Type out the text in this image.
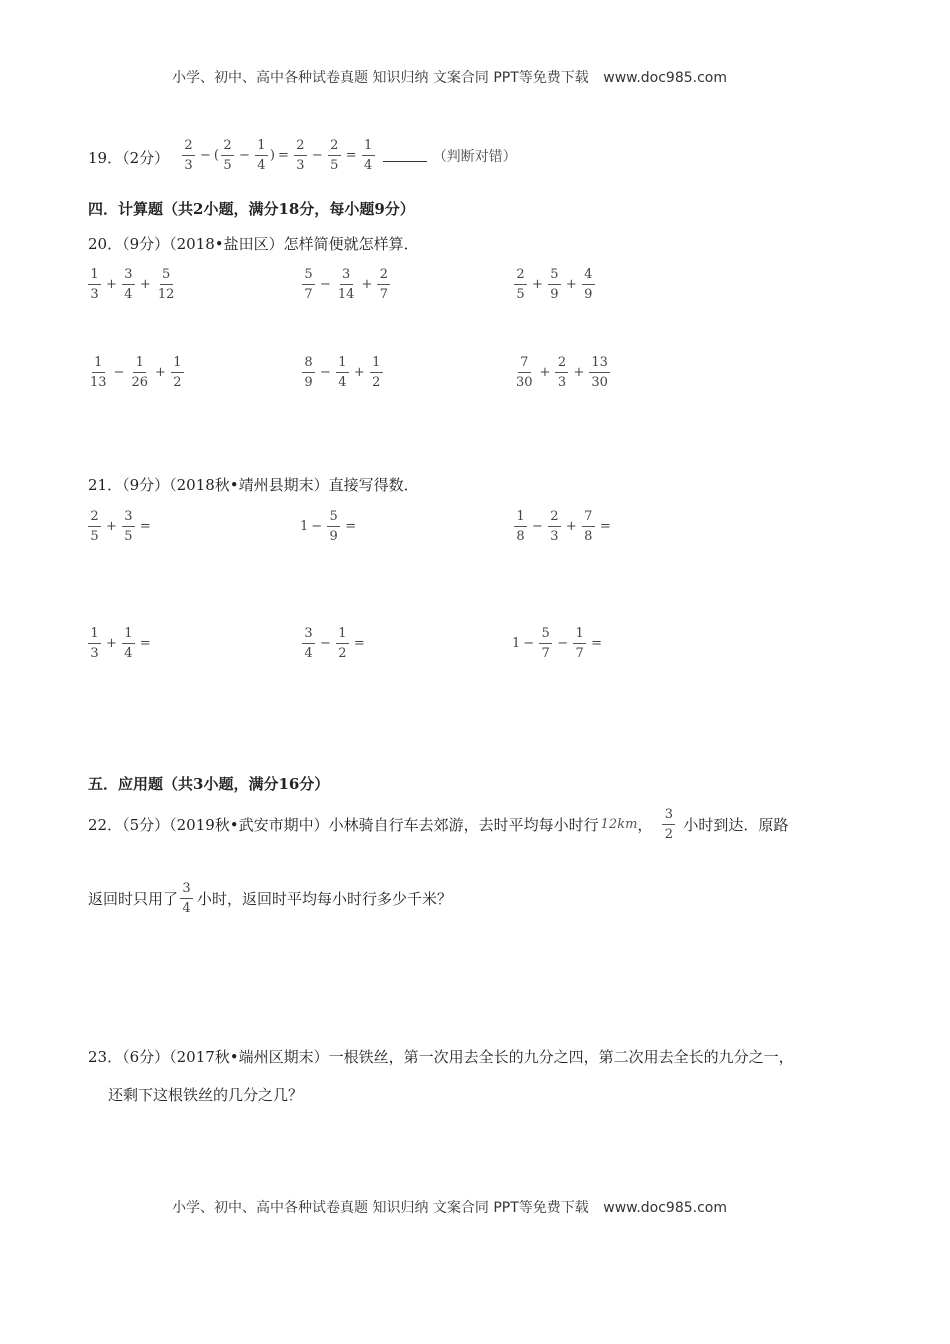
小学、初中、高中各种试卷真题 知识归纳 文案合同 PPT等免费下载 www.doc985.com
19．（2分） $\frac{2}{3}$ − ( $\frac{2}{5} - \frac{1}{4}$ ) = $\frac{2}{3} - \frac{2}{5} = \frac{1}{4}$	（判断对错）
四．计算题（共2小题，满分18分，每小题9分）
20．（9分）（2018•盐田区）怎样简便就怎样算．
$\frac{1}{3} + \frac{3}{4} + \frac{5}{12}$	$\frac{5}{7} - \frac{3}{14} + \frac{2}{7}$	$\frac{2}{5} + \frac{5}{9} + \frac{4}{9}$
$\frac{1}{13} - \frac{1}{26} + \frac{1}{2}$	$\frac{8}{9} - \frac{1}{4} + \frac{1}{2}$	$\frac{7}{30} + \frac{2}{3} + \frac{13}{30}$
21．（9分）（2018秋•靖州县期末）直接写得数．
$\frac{2}{5} + \frac{3}{5}$ =	$1 - \frac{5}{9}$ =	$\frac{1}{8} - \frac{2}{3} + \frac{7}{8}$ =
$\frac{1}{3} + \frac{1}{4}$ =	$\frac{3}{4} - \frac{1}{2}$ =	$1 - \frac{5}{7} - \frac{1}{7}$ =
五．应用题（共3小题，满分16分）
22．（5分）（2019秋•武安市期中）小林骑自行车去郊游，去时平均每小时行 12km ， $\frac{3}{2}$ 小时到达．原路
返回时只用了 $\frac{3}{4}$ 小时，返回时平均每小时行多少千米？
23．（6分）（2017秋•端州区期末）一根铁丝，第一次用去全长的九分之四，第二次用去全长的九分之一，
还剩下这根铁丝的几分之几？
小学、初中、高中各种试卷真题 知识归纳 文案合同 PPT等免费下载 www.doc985.com
